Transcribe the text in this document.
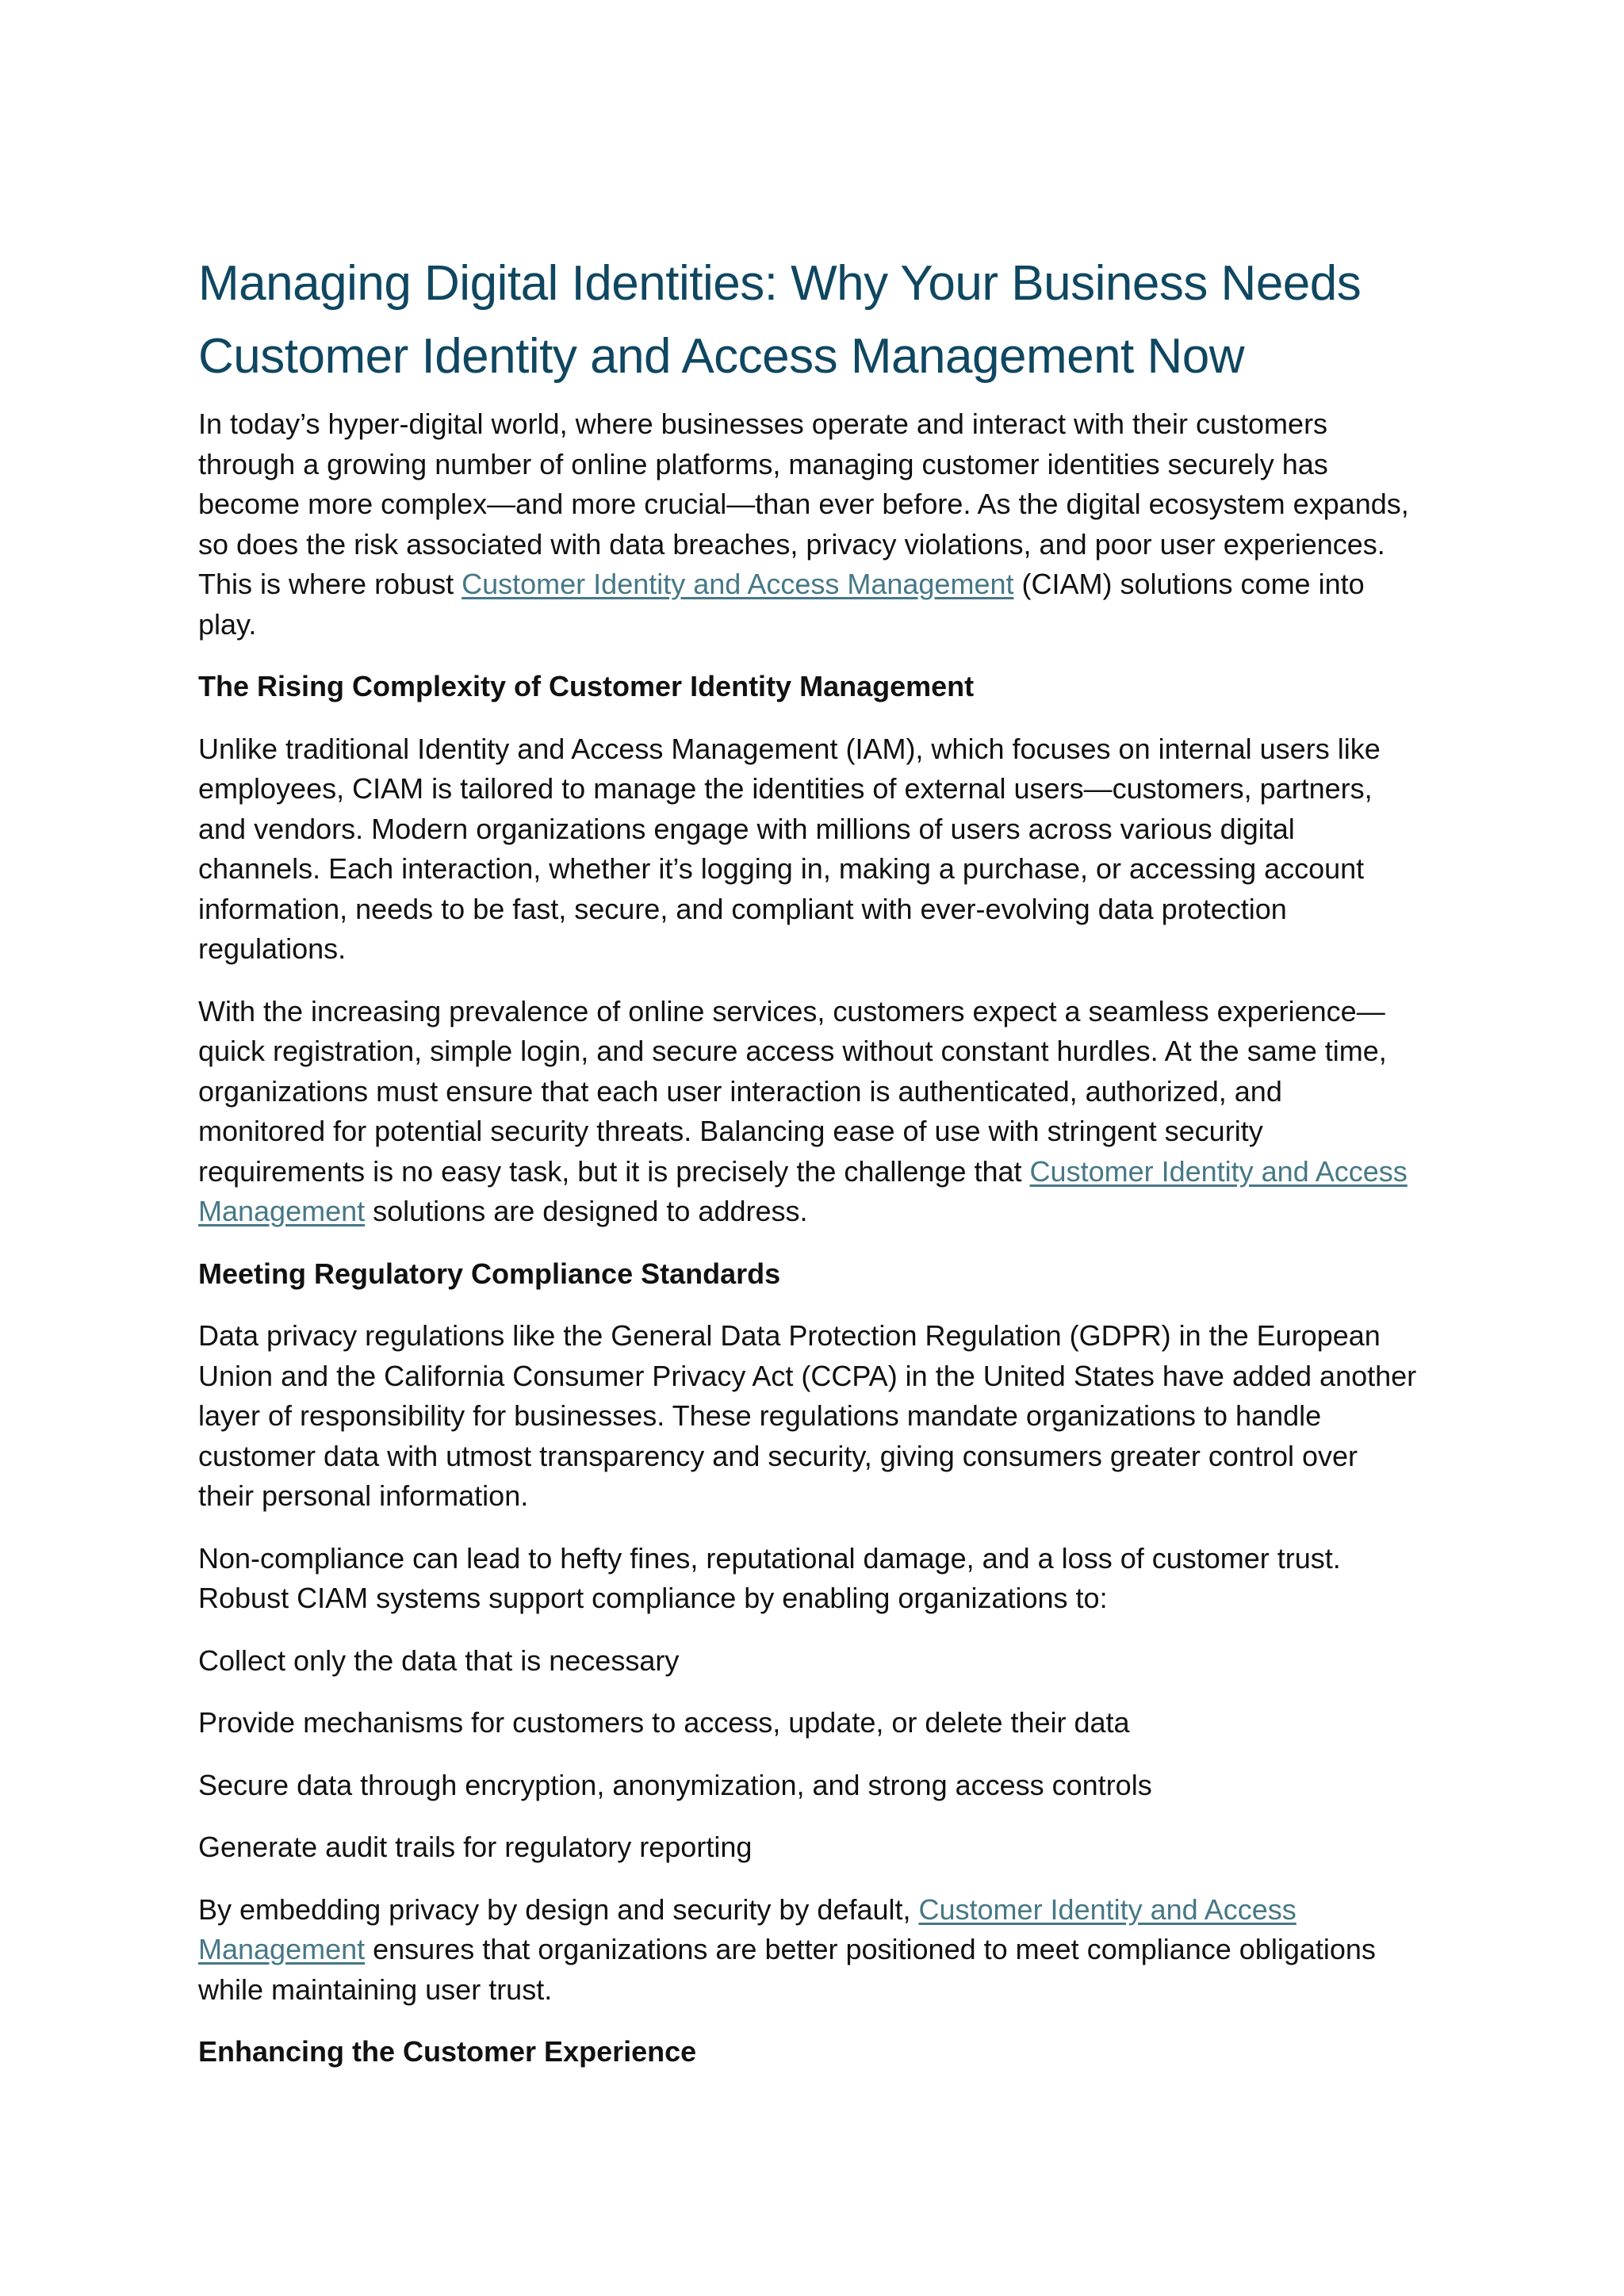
Managing Digital Identities: Why Your Business Needs
Customer Identity and Access Management Now

In today’s hyper-digital world, where businesses operate and interact with their customers
through a growing number of online platforms, managing customer identities securely has
become more complex—and more crucial—than ever before. As the digital ecosystem expands,
so does the risk associated with data breaches, privacy violations, and poor user experiences.
This is where robust Customer Identity and Access Management (CIAM) solutions come into
play.

The Rising Complexity of Customer Identity Management

Unlike traditional Identity and Access Management (IAM), which focuses on internal users like
employees, CIAM is tailored to manage the identities of external users—customers, partners,
and vendors. Modern organizations engage with millions of users across various digital
channels. Each interaction, whether it’s logging in, making a purchase, or accessing account
information, needs to be fast, secure, and compliant with ever-evolving data protection
regulations.

With the increasing prevalence of online services, customers expect a seamless experience—
quick registration, simple login, and secure access without constant hurdles. At the same time,
organizations must ensure that each user interaction is authenticated, authorized, and
monitored for potential security threats. Balancing ease of use with stringent security
requirements is no easy task, but it is precisely the challenge that Customer Identity and Access
Management solutions are designed to address.

Meeting Regulatory Compliance Standards

Data privacy regulations like the General Data Protection Regulation (GDPR) in the European
Union and the California Consumer Privacy Act (CCPA) in the United States have added another
layer of responsibility for businesses. These regulations mandate organizations to handle
customer data with utmost transparency and security, giving consumers greater control over
their personal information.

Non-compliance can lead to hefty fines, reputational damage, and a loss of customer trust.
Robust CIAM systems support compliance by enabling organizations to:

Collect only the data that is necessary

Provide mechanisms for customers to access, update, or delete their data

Secure data through encryption, anonymization, and strong access controls

Generate audit trails for regulatory reporting

By embedding privacy by design and security by default, Customer Identity and Access
Management ensures that organizations are better positioned to meet compliance obligations
while maintaining user trust.

Enhancing the Customer Experience
